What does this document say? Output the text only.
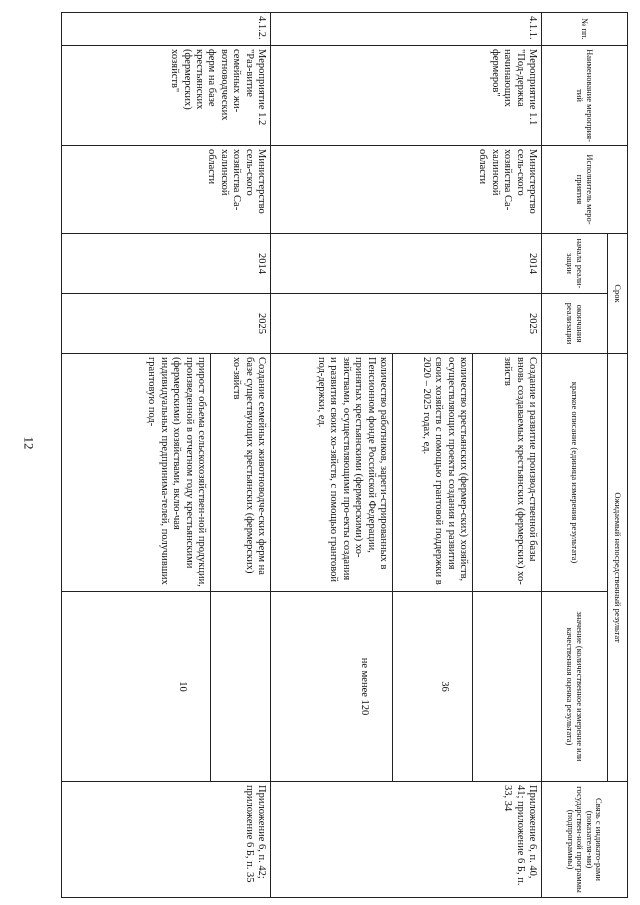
12
№ пп.	Наименование мероприя-тий	Исполнитель меро-приятия	Срок		Ожидаемый непосредственный результат		Связь с индикато-рами (показателя-ми) государствен-ной программы (подпрограммы)
			начала реали-зации	окончания реализации	краткое описание (единица измерения результата)	значение (количественное измерение или качественная оценка результата)	
4.1.1.	Мероприятие 1.1 "Под-держка начинающих фермеров"	Министерство сель-ского хозяйства Са-халинской области	2014	2025	Создание и развитие производ-ственной базы вновь создаваемых крестьянских (фермерских) хо-зяйств		Приложение 6, п. 40, 41; приложение 6 Б, п. 33, 34
					количество крестьянских (фермер-ских) хозяйств, осуществляющих проекты создания и развития своих хозяйств с помощью грантовой поддержки в 2020 – 2025 годах, ед.	36	
					количество работников, зареги-стрированных в Пенсионном фонде Российской Федерации, принятых крестьянскими (фермерскими) хо-зяйствами, осуществляющими про-екты создания и развития своих хо-зяйств, с помощью грантовой под-держки, ед.	не менее 120	
4.1.2.	Мероприятие 1.2 "Раз-витие семейных жи-вотноводческих ферм на базе крестьянских (фермерских) хозяйств"	Министерство сель-ского хозяйства Са-халинской области	2014	2025	Создание семейных животноводче-ских ферм на базе существующих крестьянских (фермерских) хо-зяйств		Приложение 6, п. 42; приложение 6 Б, п. 35
					прирост объема сельскохозяйствен-ной продукции, произведенной в отчетном году крестьянскими (фермерскими) хозяйствами, вклю-чая индивидуальных предпринима-телей, получивших грантовую под-	10	
